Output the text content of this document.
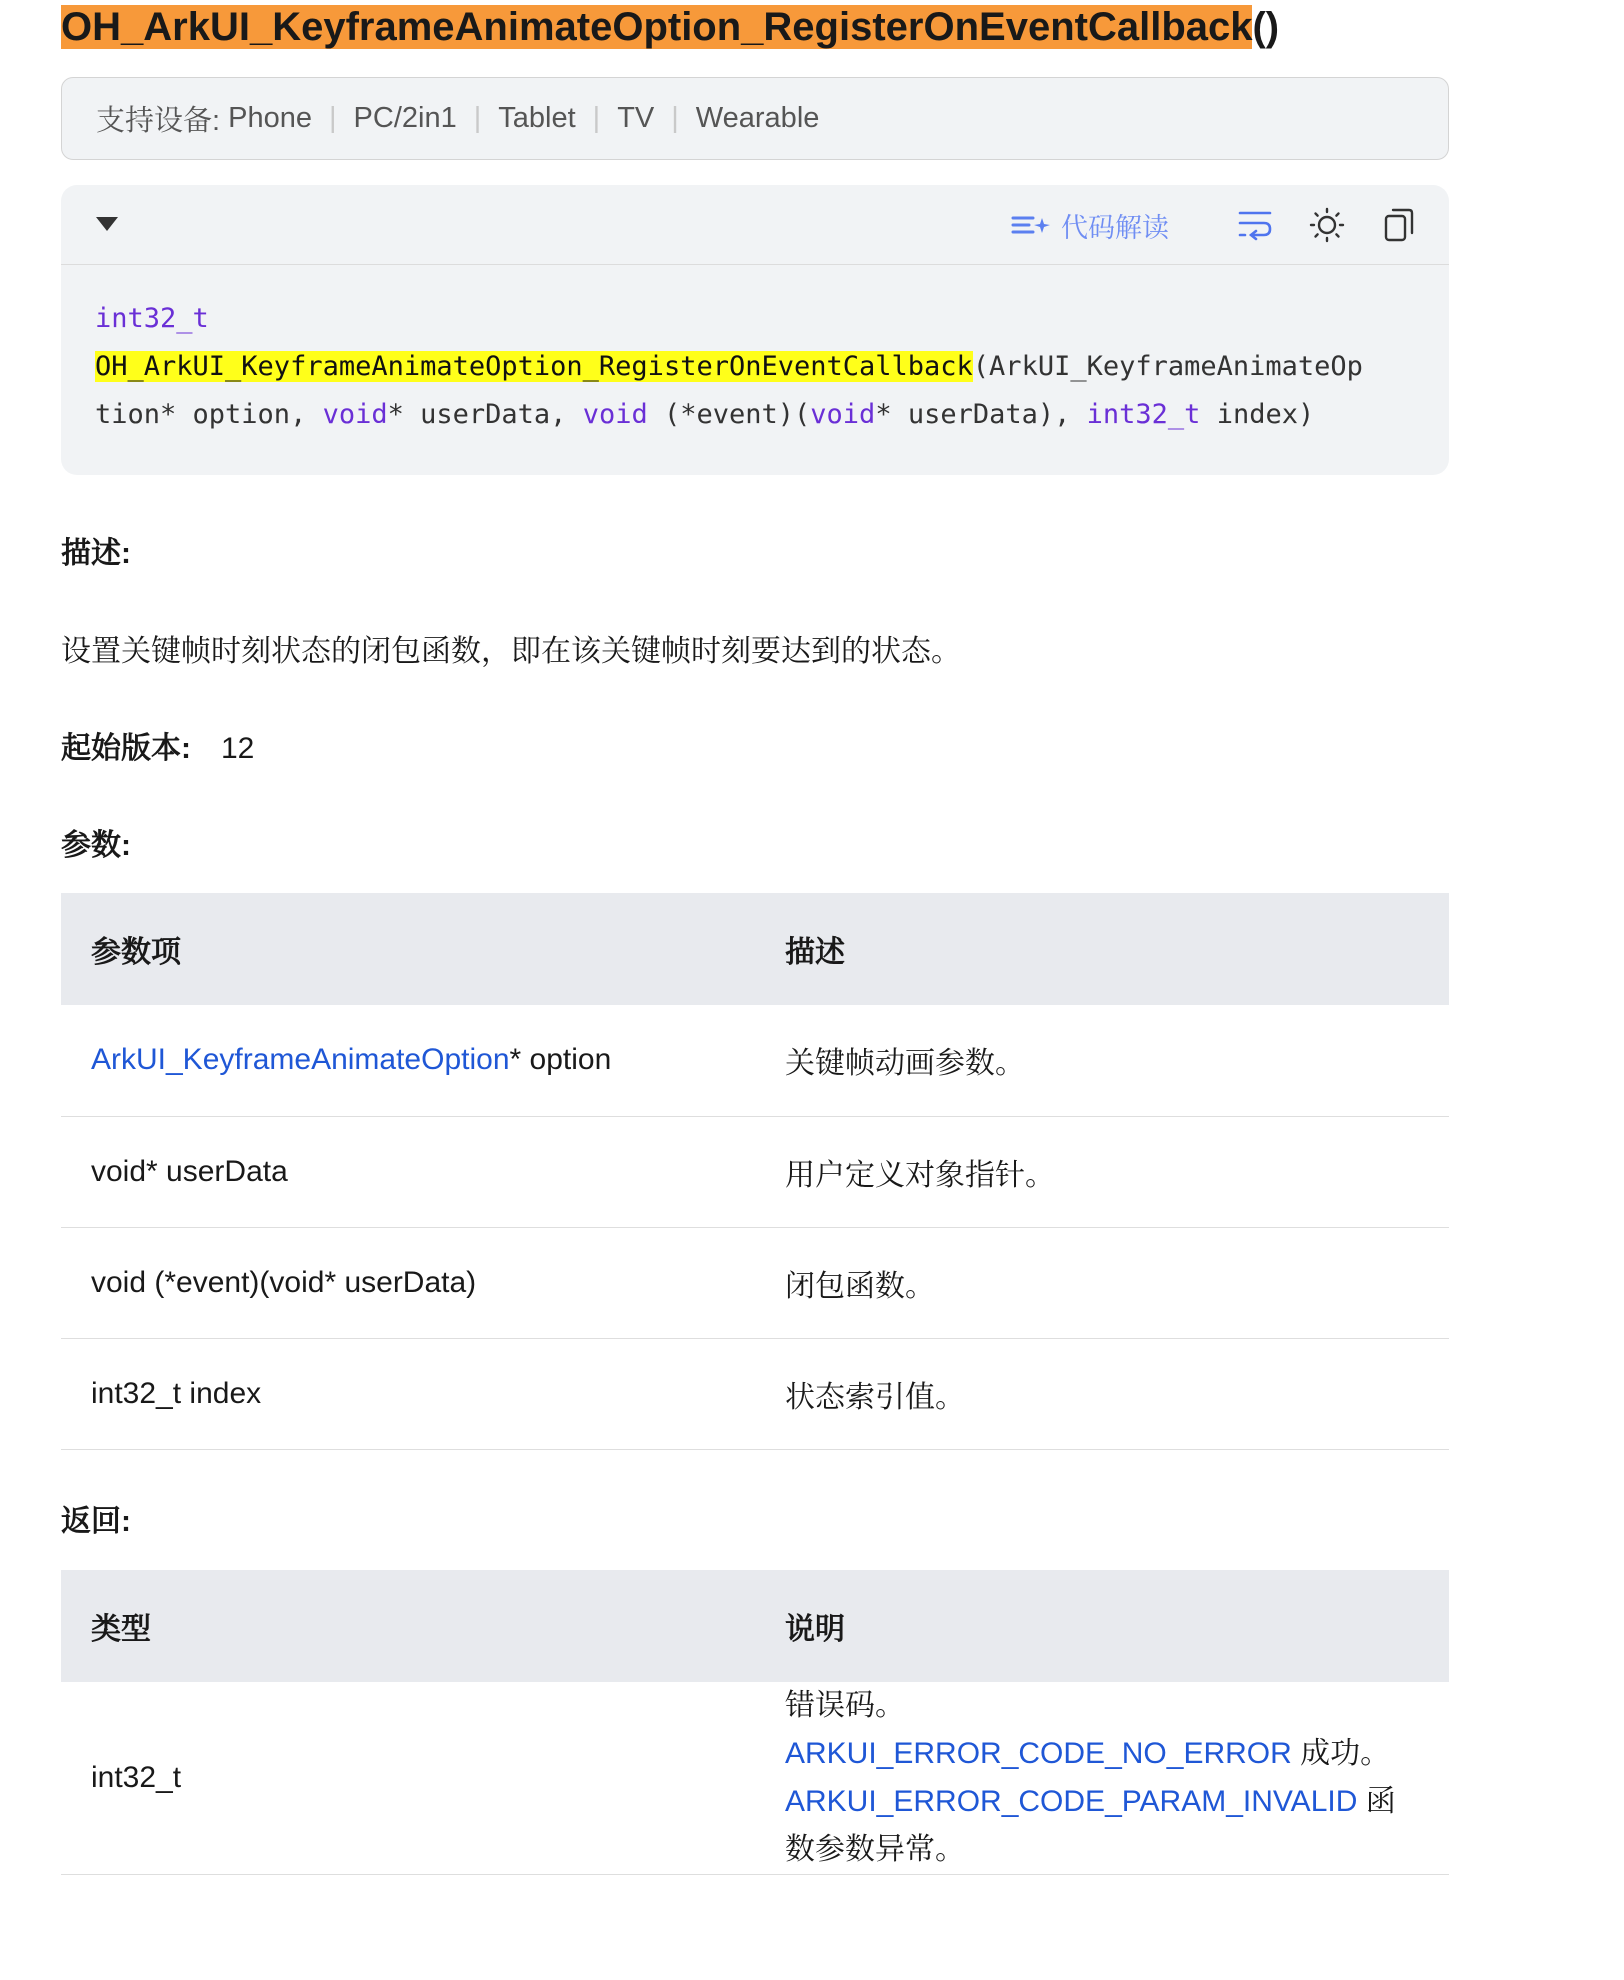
OH_ArkUI_KeyframeAnimateOption_RegisterOnEventCallback()
支持设备:
Phone | PC/2in1 | Tablet | TV | Wearable
代码解读
int32_t
OH_ArkUI_KeyframeAnimateOption_RegisterOnEventCallback(ArkUI_KeyframeAnimateOp
tion* option, void* userData, void (*event)(void* userData), int32_t index)
描述:
设置关键帧时刻状态的闭包函数，即在该关键帧时刻要达到的状态。
起始版本: 12
参数:
参数项	描述
ArkUI_KeyframeAnimateOption* option	关键帧动画参数。
void* userData	用户定义对象指针。
void (*event)(void* userData)	闭包函数。
int32_t index	状态索引值。
返回:
类型	说明
int32_t	错误码。
ARKUI_ERROR_CODE_NO_ERROR 成功。
ARKUI_ERROR_CODE_PARAM_INVALID 函数参数异常。
